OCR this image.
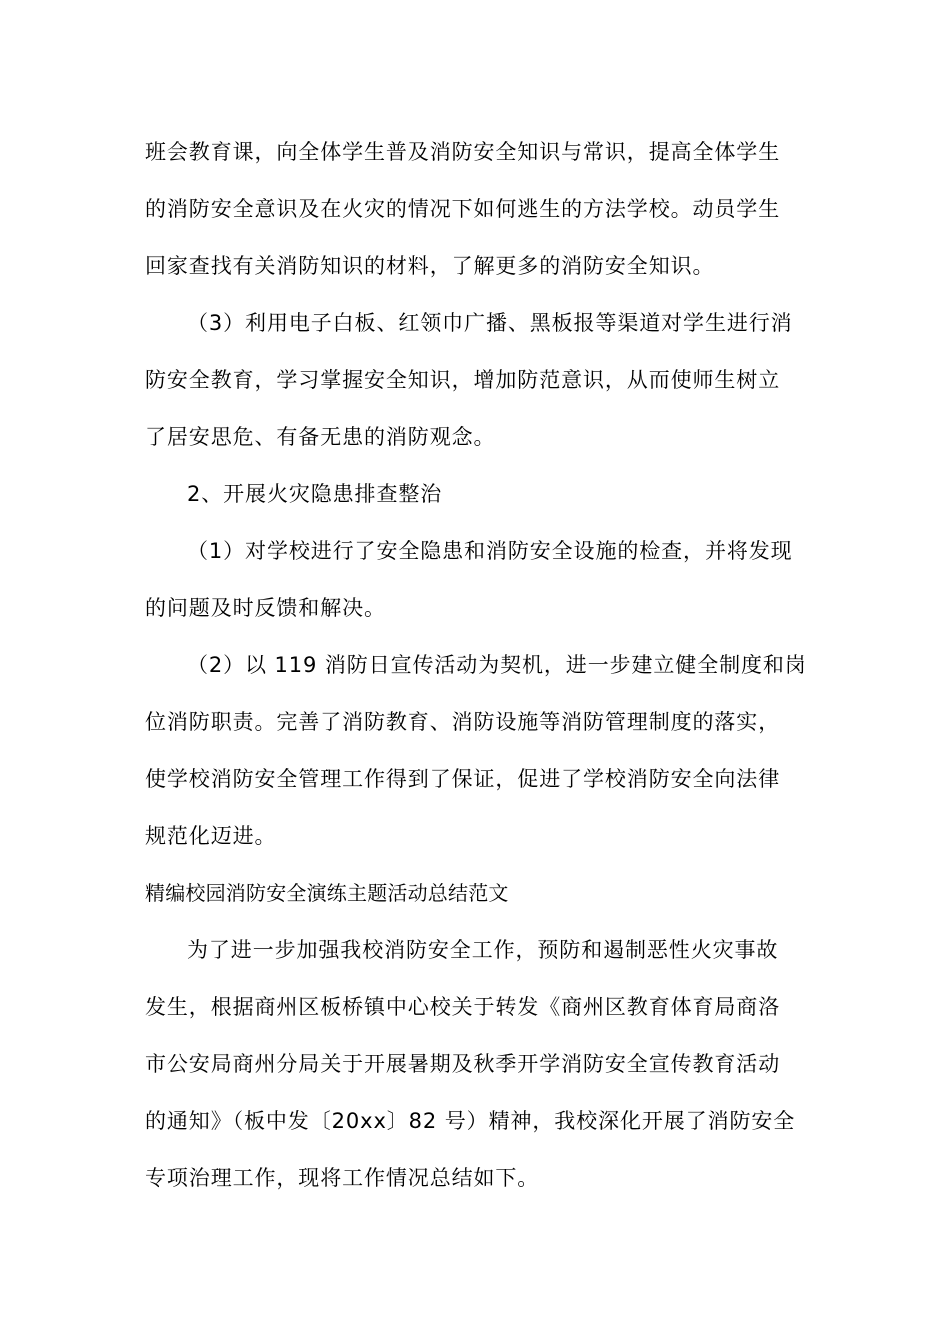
班会教育课，向全体学生普及消防安全知识与常识，提高全体学生
的消防安全意识及在火灾的情况下如何逃生的方法学校。动员学生
回家查找有关消防知识的材料，了解更多的消防安全知识。
（3）利用电子白板、红领巾广播、黑板报等渠道对学生进行消
防安全教育，学习掌握安全知识，增加防范意识，从而使师生树立
了居安思危、有备无患的消防观念。
2、开展火灾隐患排查整治
（1）对学校进行了安全隐患和消防安全设施的检查，并将发现
的问题及时反馈和解决。
（2）以 119 消防日宣传活动为契机，进一步建立健全制度和岗
位消防职责。完善了消防教育、消防设施等消防管理制度的落实，
使学校消防安全管理工作得到了保证，促进了学校消防安全向法律
规范化迈进。
精编校园消防安全演练主题活动总结范文
为了进一步加强我校消防安全工作，预防和遏制恶性火灾事故
发生，根据商州区板桥镇中心校关于转发《商州区教育体育局商洛
市公安局商州分局关于开展暑期及秋季开学消防安全宣传教育活动
的通知》（板中发〔20xx〕82 号）精神，我校深化开展了消防安全
专项治理工作，现将工作情况总结如下。
